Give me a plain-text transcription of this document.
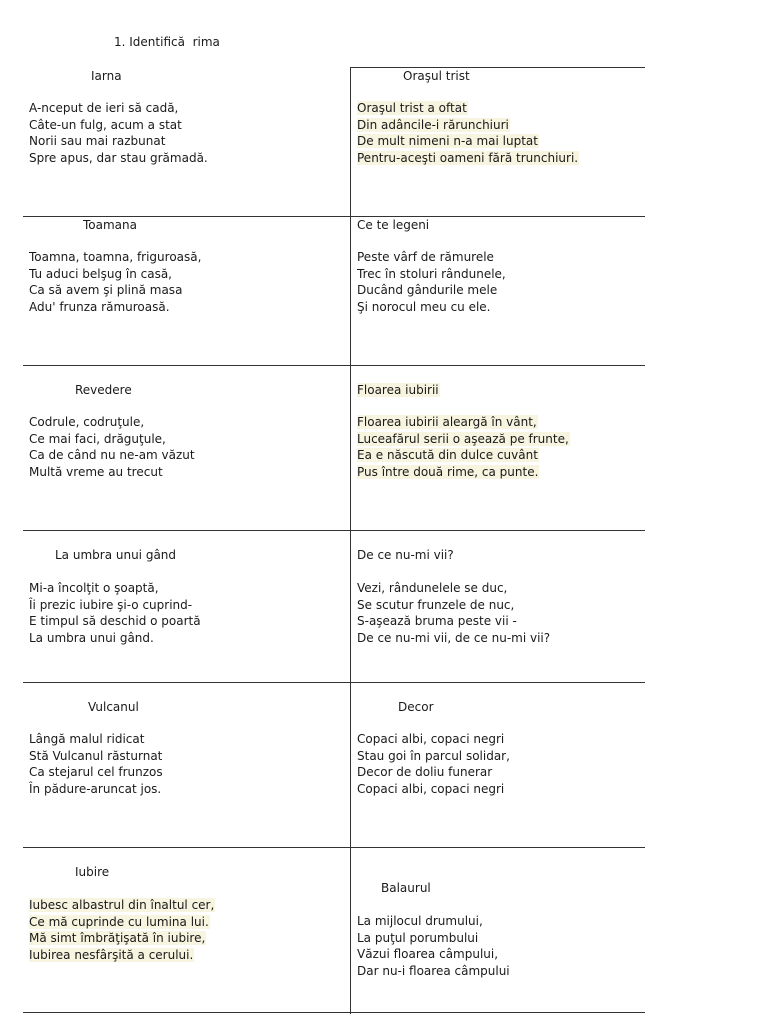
1. Identifică  rima
Iarna
A-nceput de ieri să cadă,
Câte-un fulg, acum a stat
Norii sau mai razbunat
Spre apus, dar stau grămadă.
Oraşul trist
Oraşul trist a oftat
Din adâncile-i rărunchiuri
De mult nimeni n-a mai luptat
Pentru-aceşti oameni fără trunchiuri.
Toamana
Toamna, toamna, friguroasă,
Tu aduci belşug în casă,
Ca să avem şi plină masa
Adu' frunza rămuroasă.
Ce te legeni
Peste vârf de rămurele
Trec în stoluri rândunele,
Ducând gândurile mele
Şi norocul meu cu ele.
Revedere
Codrule, codruţule,
Ce mai faci, drăguţule,
Ca de când nu ne-am văzut
Multă vreme au trecut
Floarea iubirii
Floarea iubirii aleargă în vânt,
Luceafărul serii o aşează pe frunte,
Ea e născută din dulce cuvânt
Pus între două rime, ca punte.
La umbra unui gând
Mi-a încolţit o şoaptă,
Îi prezic iubire şi-o cuprind-
E timpul să deschid o poartă
La umbra unui gând.
De ce nu-mi vii?
Vezi, rândunelele se duc,
Se scutur frunzele de nuc,
S-aşează bruma peste vii -
De ce nu-mi vii, de ce nu-mi vii?
Vulcanul
Lângă malul ridicat
Stă Vulcanul răsturnat
Ca stejarul cel frunzos
În pădure-aruncat jos.
Decor
Copaci albi, copaci negri
Stau goi în parcul solidar,
Decor de doliu funerar
Copaci albi, copaci negri
Iubire
Iubesc albastrul din înaltul cer,
Ce mă cuprinde cu lumina lui.
Mă simt îmbrăţişată în iubire,
Iubirea nesfârşită a cerului.
Balaurul
La mijlocul drumului,
La puţul porumbului
Văzui floarea câmpului,
Dar nu-i floarea câmpului
